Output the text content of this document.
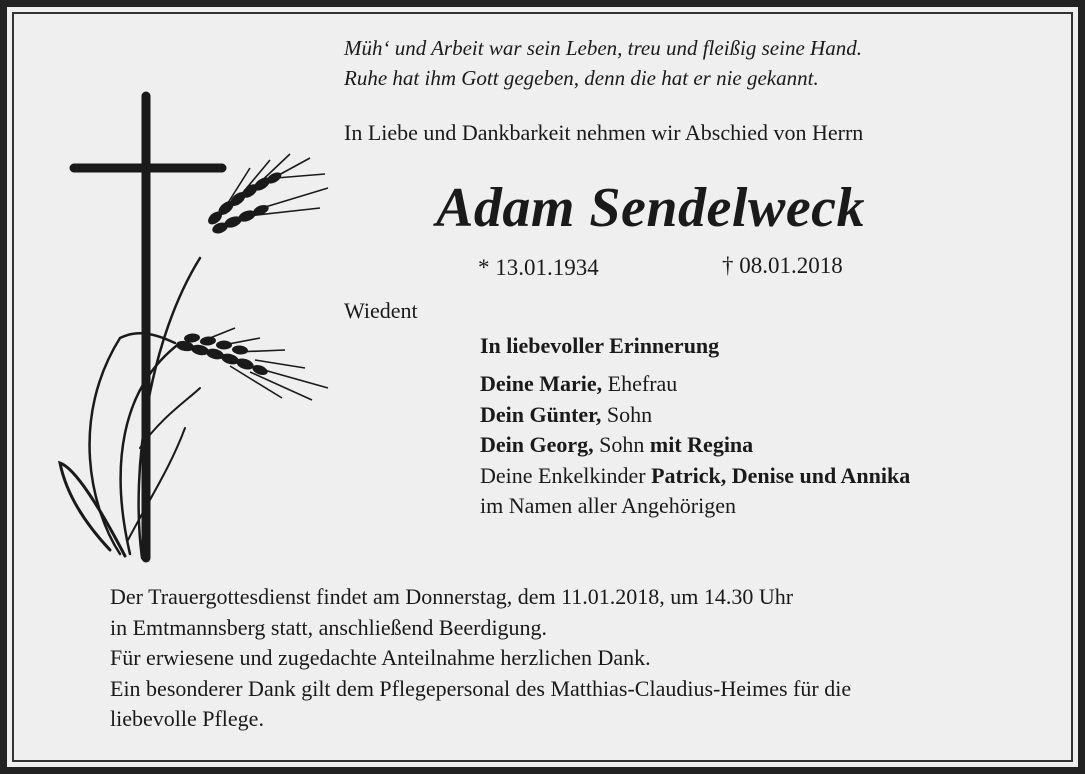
Müh‘ und Arbeit war sein Leben, treu und fleißig seine Hand.
Ruhe hat ihm Gott gegeben, denn die hat er nie gekannt.
In Liebe und Dankbarkeit nehmen wir Abschied von Herrn
Adam Sendelweck
* 13.01.1934	† 08.01.2018
Wiedent
In liebevoller Erinnerung
Deine Marie, Ehefrau
Dein Günter, Sohn
Dein Georg, Sohn mit Regina
Deine Enkelkinder Patrick, Denise und Annika
im Namen aller Angehörigen
Der Trauergottesdienst findet am Donnerstag, dem 11.01.2018, um 14.30 Uhr
in Emtmannsberg statt, anschließend Beerdigung.
Für erwiesene und zugedachte Anteilnahme herzlichen Dank.
Ein besonderer Dank gilt dem Pflegepersonal des Matthias-Claudius-Heimes für die
liebevolle Pflege.
